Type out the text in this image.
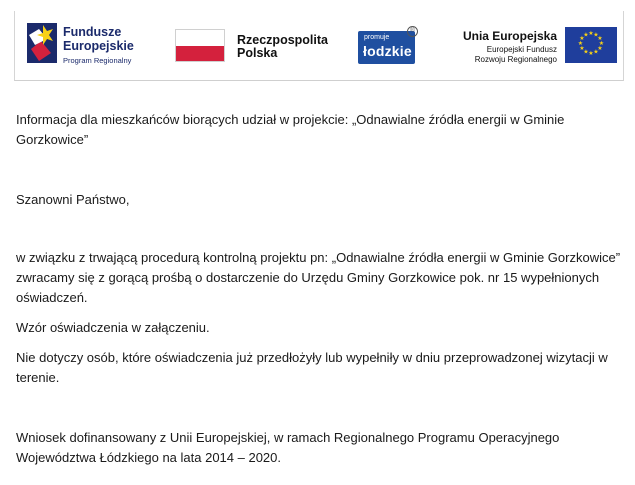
Fundusze
Europejskie
Program Regionalny
Rzeczpospolita
Polska
promuje
łodzkie
®	Unia Europejska
Europejski Fundusz
Rozwoju Regionalnego
★ ★
★
★
★
★
★
★
★
★
★
★

Informacja dla mieszkańców biorących udział w projekcie: „Odnawialne źródła energii w Gminie Gorzkowice”

Szanowni Państwo,

w związku z trwającą procedurą kontrolną projektu pn: „Odnawialne źródła energii w Gminie Gorzkowice” zwracamy się z gorącą prośbą o dostarczenie do Urzędu Gminy Gorzkowice pok. nr 15 wypełnionych oświadczeń.

Wzór oświadczenia w załączeniu.

Nie dotyczy osób, które oświadczenia już przedłożyły lub wypełniły w dniu przeprowadzonej wizytacji w terenie.

Wniosek dofinansowany z Unii Europejskiej, w ramach Regionalnego Programu Operacyjnego Województwa Łódzkiego na lata 2014 – 2020.
